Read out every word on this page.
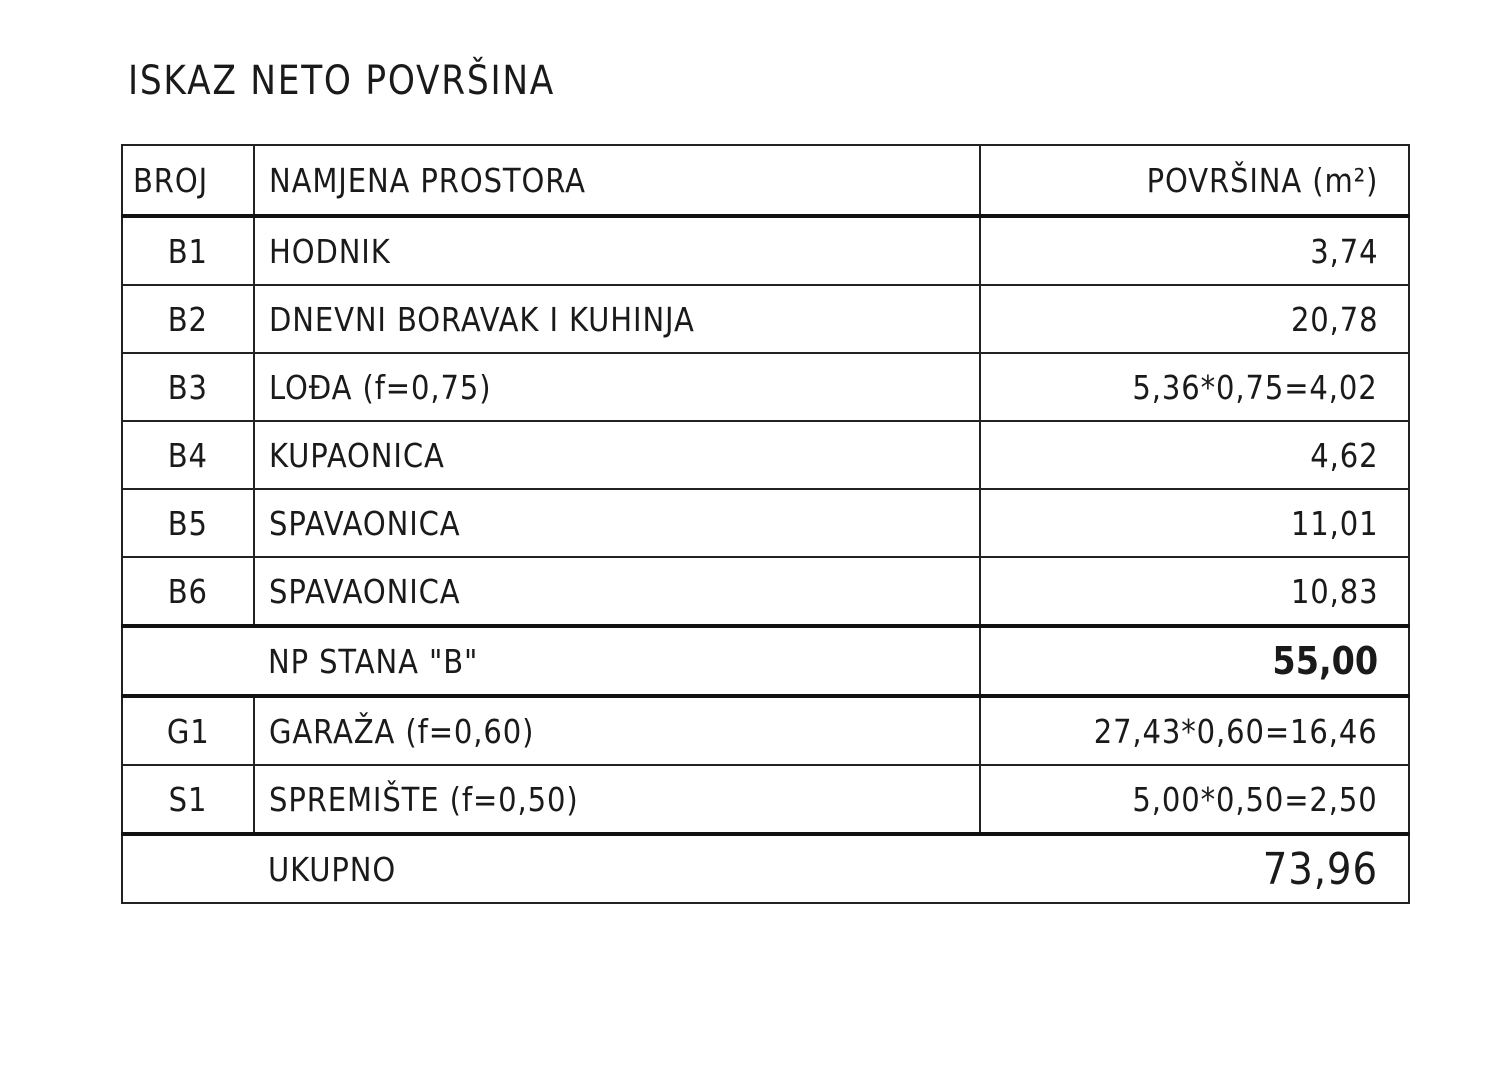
ISKAZ NETO POVRŠINA
BROJ	NAMJENA PROSTORA	POVRŠINA (m²)
B1	HODNIK	3,74
B2	DNEVNI BORAVAK I KUHINJA	20,78
B3	LOĐA (f=0,75)	5,36*0,75=4,02
B4	KUPAONICA	4,62
B5	SPAVAONICA	11,01
B6	SPAVAONICA	10,83
	NP STANA "B"	55,00
G1	GARAŽA (f=0,60)	27,43*0,60=16,46
S1	SPREMIŠTE (f=0,50)	5,00*0,50=2,50
	UKUPNO	73,96
